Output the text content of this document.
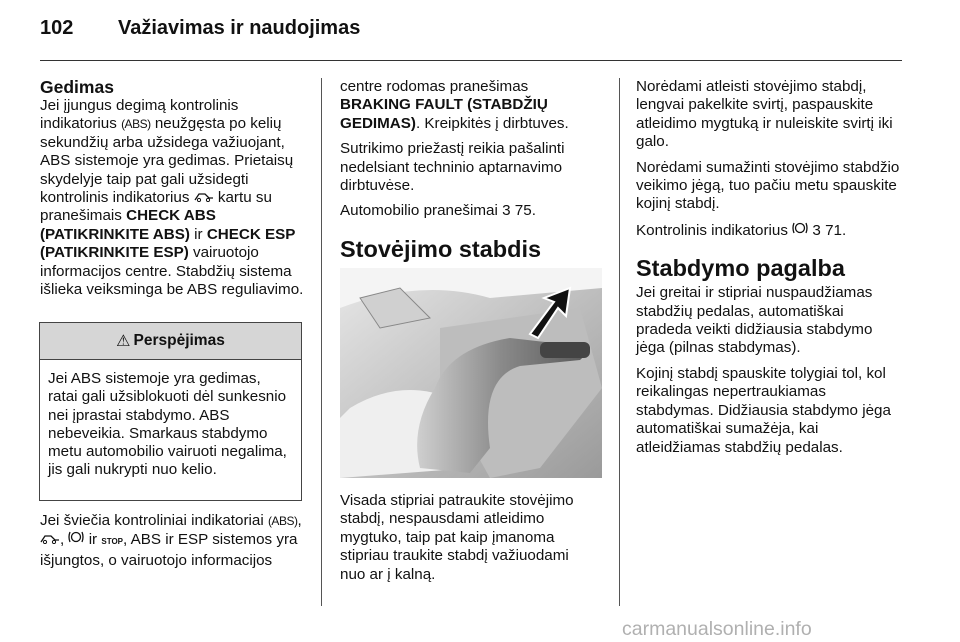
102 Važiavimas ir naudojimas
Gedimas

Jei įjungus degimą kontrolinis indikatorius (ABS) neužgęsta po kelių sekundžių arba užsidega važiuojant, ABS sistemoje yra gedimas. Prietaisų skydelyje taip pat gali užsidegti kontrolinis indikatorius kartu su pranešimais CHECK ABS (PATIKRINKITE ABS) ir CHECK ESP (PATIKRINKITE ESP) vairuotojo informacijos centre. Stabdžių sistema išlieka veiksminga be ABS reguliavimo.

⚠ Perspėjimas
Jei ABS sistemoje yra gedimas, ratai gali užsiblokuoti dėl sunkesnio nei įprastai stabdymo. ABS nebeveikia. Smarkaus stabdymo metu automobilio vairuoti negalima, jis gali nukrypti nuo kelio.
Jei šviečia kontroliniai indikatoriai (ABS), ,  ir STOP, ABS ir ESP sistemos yra išjungtos, o vairuotojo informacijos

centre rodomas pranešimas BRAKING FAULT (STABDŽIŲ GEDIMAS). Kreipkitės į dirbtuves.

Sutrikimo priežastį reikia pašalinti nedelsiant techninio aptarnavimo dirbtuvėse.

Automobilio pranešimai 3 75.

Stovėjimo stabdis
Visada stipriai patraukite stovėjimo stabdį, nespausdami atleidimo mygtuko, taip pat kaip įmanoma stipriau traukite stabdį važiuodami nuo ar į kalną.

Norėdami atleisti stovėjimo stabdį, lengvai pakelkite svirtį, paspauskite atleidimo mygtuką ir nuleiskite svirtį iki galo.

Norėdami sumažinti stovėjimo stabdžio veikimo jėgą, tuo pačiu metu spauskite kojinį stabdį.

Kontrolinis indikatorius 3 71.

Stabdymo pagalba

Jei greitai ir stipriai nuspaudžiamas stabdžių pedalas, automatiškai pradeda veikti didžiausia stabdymo jėga (pilnas stabdymas).

Kojinį stabdį spauskite tolygiai tol, kol reikalingas nepertraukiamas stabdymas. Didžiausia stabdymo jėga automatiškai sumažėja, kai atleidžiamas stabdžių pedalas.

carmanualsonline.info
